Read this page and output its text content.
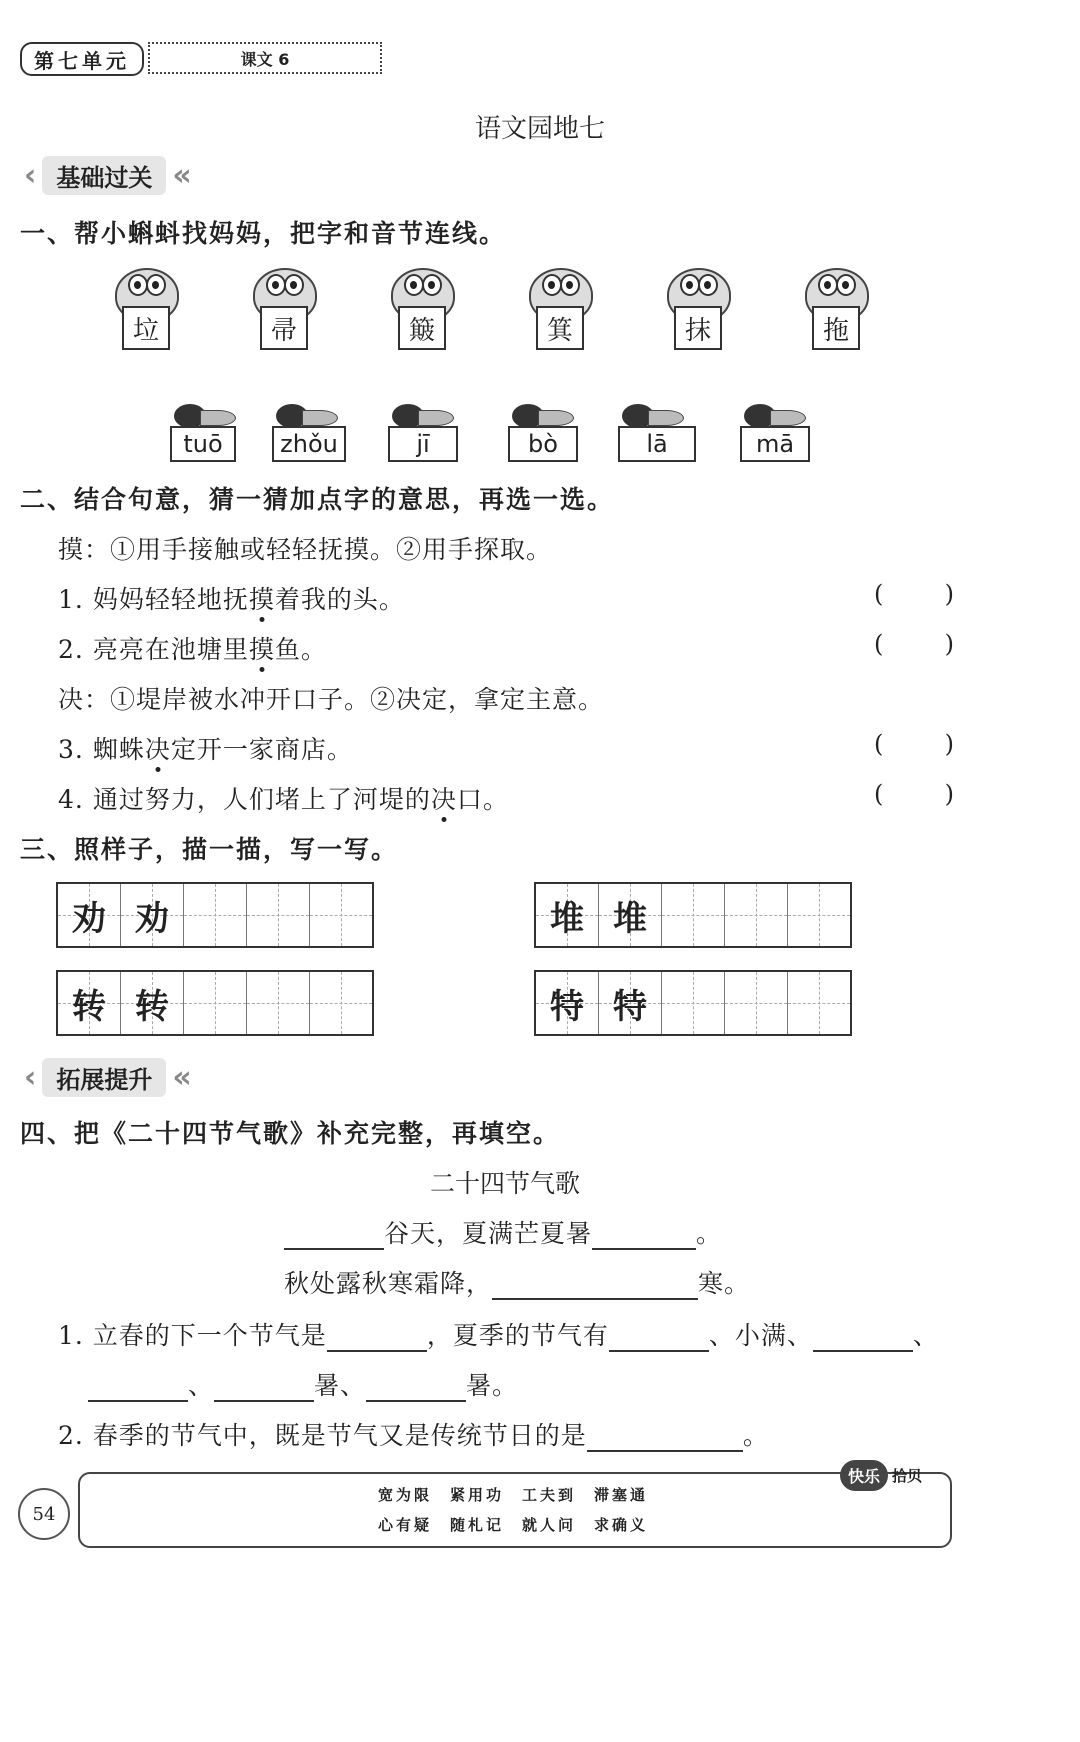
第七单元	课文 6
语文园地七
‹ 基础过关 «
一、帮小蝌蚪找妈妈，把字和音节连线。
垃	帚	簸	箕	抹	拖
tuō	zhǒu	jī	bò	lā	mā
二、结合句意，猜一猜加点字的意思，再选一选。
摸：①用手接触或轻轻抚摸。②用手探取。
1. 妈妈轻轻地抚摸着我的头。	(	)
2. 亮亮在池塘里摸鱼。	(	)
决：①堤岸被水冲开口子。②决定，拿定主意。
3. 蜘蛛决定开一家商店。	(	)
4. 通过努力，人们堵上了河堤的决口。	(	)
三、照样子，描一描，写一写。
劝 劝	堆 堆
转 转	特 特
‹ 拓展提升 «
四、把《二十四节气歌》补充完整，再填空。
二十四节气歌
谷天，夏满芒夏暑	。
秋处露秋寒霜降，	寒。
1. 立春的下一个节气是	，夏季的节气有	、小满、	、
、	暑、	暑。
2. 春季的节气中，既是节气又是传统节日的是	。
54
宽为限　紧用功　工夫到　滞塞通
心有疑　随札记　就人问　求确义
快乐 拾贝
